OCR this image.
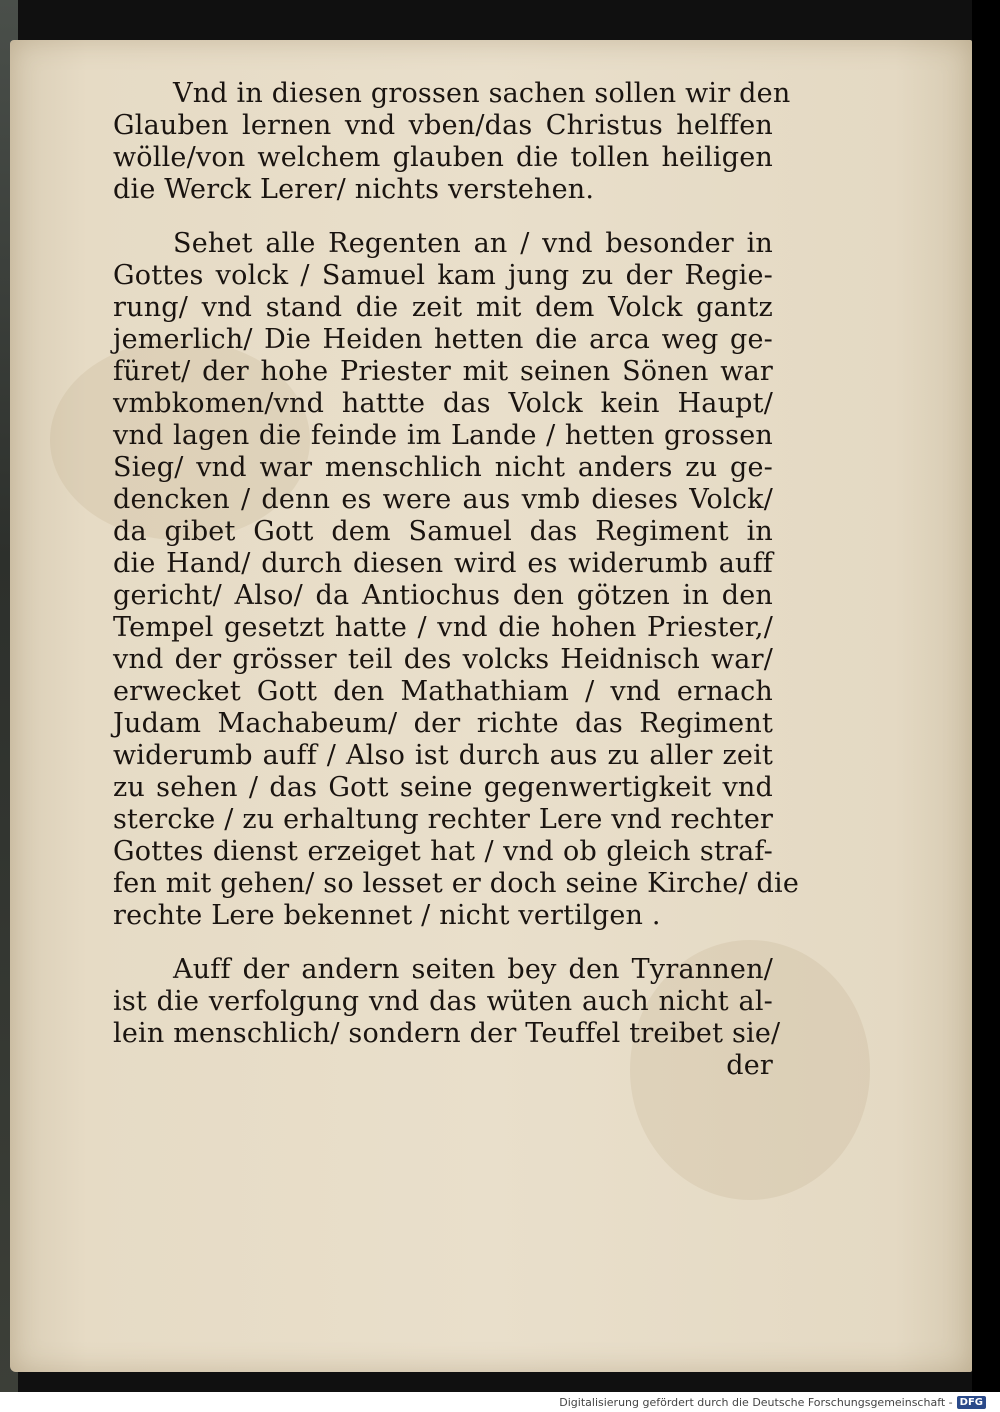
Vnd in diesen grossen sachen sollen wir den
Glauben lernen vnd vben/das Christus helffen
wölle/von welchem glauben die tollen heiligen
die Werck Lerer/ nichts verstehen.
Sehet alle Regenten an / vnd besonder in
Gottes volck / Samuel kam jung zu der Regie-
rung/ vnd stand die zeit mit dem Volck gantz
jemerlich/ Die Heiden hetten die arca weg ge-
füret/ der hohe Priester mit seinen Sönen war
vmbkomen/vnd hattte das Volck kein Haupt/
vnd lagen die feinde im Lande / hetten grossen
Sieg/ vnd war menschlich nicht anders zu ge-
dencken / denn es were aus vmb dieses Volck/
da gibet Gott dem Samuel das Regiment in
die Hand/ durch diesen wird es widerumb auff
gericht/ Also/ da Antiochus den götzen in den
Tempel gesetzt hatte / vnd die hohen Priester,/
vnd der grösser teil des volcks Heidnisch war/
erwecket Gott den Mathathiam / vnd ernach
Judam Machabeum/ der richte das Regiment
widerumb auff / Also ist durch aus zu aller zeit
zu sehen / das Gott seine gegenwertigkeit vnd
stercke / zu erhaltung rechter Lere vnd rechter
Gottes dienst erzeiget hat / vnd ob gleich straf-
fen mit gehen/ so lesset er doch seine Kirche/ die
rechte Lere bekennet / nicht vertilgen .
Auff der andern seiten bey den Tyrannen/
ist die verfolgung vnd das wüten auch nicht al-
lein menschlich/ sondern der Teuffel treibet sie/
der
Digitalisierung gefördert durch die Deutsche Forschungsgemeinschaft - DFG
